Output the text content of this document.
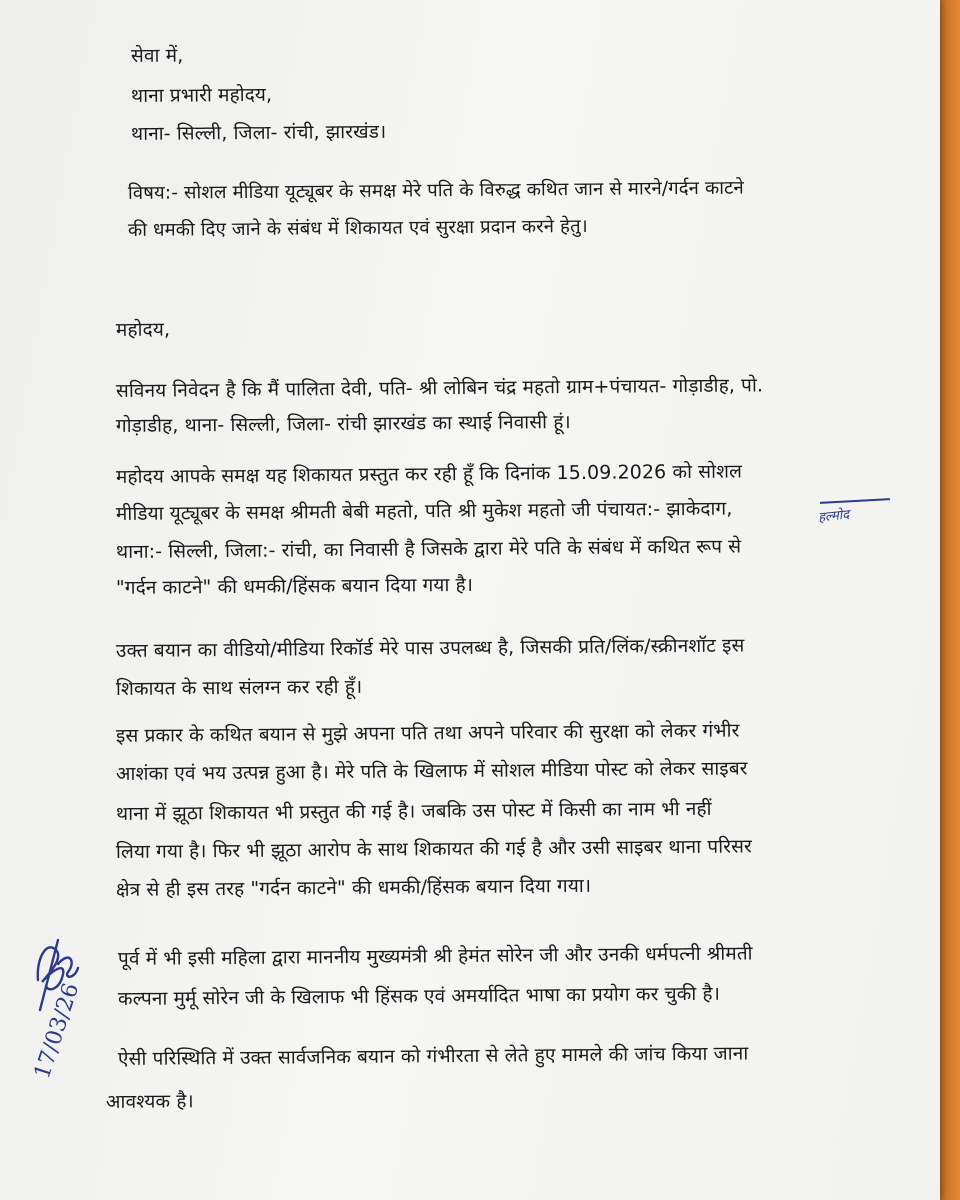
सेवा में,
थाना प्रभारी महोदय,
थाना- सिल्ली, जिला- रांची, झारखंड।
विषय:- सोशल मीडिया यूट्यूबर के समक्ष मेरे पति के विरुद्ध कथित जान से मारने/गर्दन काटने
की धमकी दिए जाने के संबंध में शिकायत एवं सुरक्षा प्रदान करने हेतु।
महोदय,
सविनय निवेदन है कि मैं पालिता देवी, पति- श्री लोबिन चंद्र महतो ग्राम+पंचायत- गोड़ाडीह, पो.
गोड़ाडीह, थाना- सिल्ली, जिला- रांची झारखंड का स्थाई निवासी हूं।
महोदय आपके समक्ष यह शिकायत प्रस्तुत कर रही हूँ कि दिनांक 15.09.2026 को सोशल
मीडिया यूट्यूबर के समक्ष श्रीमती बेबी महतो, पति श्री मुकेश महतो जी पंचायत:- झाकेदाग,
थाना:- सिल्ली, जिला:- रांची, का निवासी है जिसके द्वारा मेरे पति के संबंध में कथित रूप से
"गर्दन काटने" की धमकी/हिंसक बयान दिया गया है।
हल्मोद
उक्त बयान का वीडियो/मीडिया रिकॉर्ड मेरे पास उपलब्ध है, जिसकी प्रति/लिंक/स्क्रीनशॉट इस
शिकायत के साथ संलग्न कर रही हूँ।
इस प्रकार के कथित बयान से मुझे अपना पति तथा अपने परिवार की सुरक्षा को लेकर गंभीर
आशंका एवं भय उत्पन्न हुआ है। मेरे पति के खिलाफ में सोशल मीडिया पोस्ट को लेकर साइबर
थाना में झूठा शिकायत भी प्रस्तुत की गई है। जबकि उस पोस्ट में किसी का नाम भी नहीं
लिया गया है। फिर भी झूठा आरोप के साथ शिकायत की गई है और उसी साइबर थाना परिसर
क्षेत्र से ही इस तरह "गर्दन काटने" की धमकी/हिंसक बयान दिया गया।
पूर्व में भी इसी महिला द्वारा माननीय मुख्यमंत्री श्री हेमंत सोरेन जी और उनकी धर्मपत्नी श्रीमती
कल्पना मुर्मू सोरेन जी के खिलाफ भी हिंसक एवं अमर्यादित भाषा का प्रयोग कर चुकी है।
ऐसी परिस्थिति में उक्त सार्वजनिक बयान को गंभीरता से लेते हुए मामले की जांच किया जाना
आवश्यक है।
17/03/26
